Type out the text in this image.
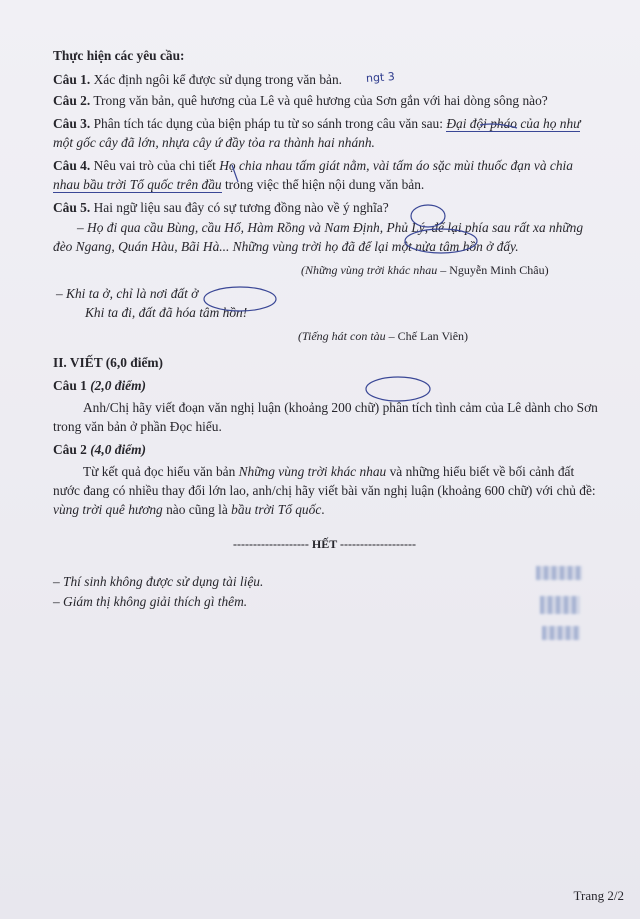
Thực hiện các yêu cầu:
Câu 1. Xác định ngôi kể được sử dụng trong văn bản. ngt 3
Câu 2. Trong văn bản, quê hương của Lê và quê hương của Sơn gắn với hai dòng sông nào?
Câu 3. Phân tích tác dụng của biện pháp tu từ so sánh trong câu văn sau: Đại đội pháo của họ như
một gốc cây đã lớn, nhựa cây ứ đầy tỏa ra thành hai nhánh.
Câu 4. Nêu vai trò của chi tiết Họ chia nhau tấm giát nằm, vài tấm áo sặc mùi thuốc đạn và chia
nhau bầu trời Tổ quốc trên đầu trong việc thể hiện nội dung văn bản.
Câu 5. Hai ngữ liệu sau đây có sự tương đồng nào về ý nghĩa?
– Họ đi qua cầu Bùng, cầu Hổ, Hàm Rồng và Nam Định, Phủ Lý, để lại phía sau rất xa những
đèo Ngang, Quán Hàu, Bãi Hà... Những vùng trời họ đã để lại một nửa tâm hồn ở đấy.
(Những vùng trời khác nhau – Nguyễn Minh Châu)
– Khi ta ở, chỉ là nơi đất ở
Khi ta đi, đất đã hóa tâm hồn!
(Tiếng hát con tàu – Chế Lan Viên)
II. VIẾT (6,0 điểm)
Câu 1 (2,0 điểm)
Anh/Chị hãy viết đoạn văn nghị luận (khoảng 200 chữ) phân tích tình cảm của Lê dành cho Sơn
trong văn bản ở phần Đọc hiểu.
Câu 2 (4,0 điểm)
Từ kết quả đọc hiểu văn bản Những vùng trời khác nhau và những hiểu biết về bối cảnh đất
nước đang có nhiều thay đổi lớn lao, anh/chị hãy viết bài văn nghị luận (khoảng 600 chữ) với chủ đề:
vùng trời quê hương nào cũng là bầu trời Tổ quốc.
------------------- HẾT -------------------
– Thí sinh không được sử dụng tài liệu.
– Giám thị không giải thích gì thêm.
Trang 2/2
